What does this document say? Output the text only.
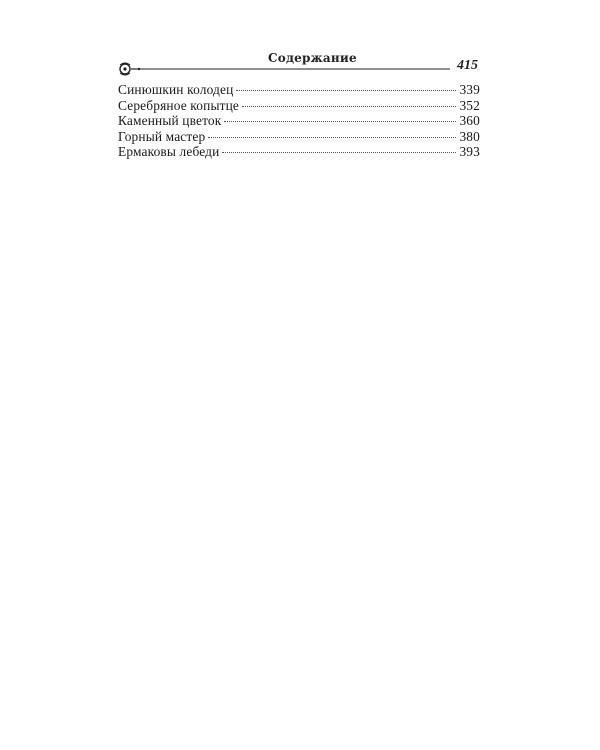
Содержание	415
Синюшкин колодец	339
Серебряное копытце	352
Каменный цветок	360
Горный мастер	380
Ермаковы лебеди	393
